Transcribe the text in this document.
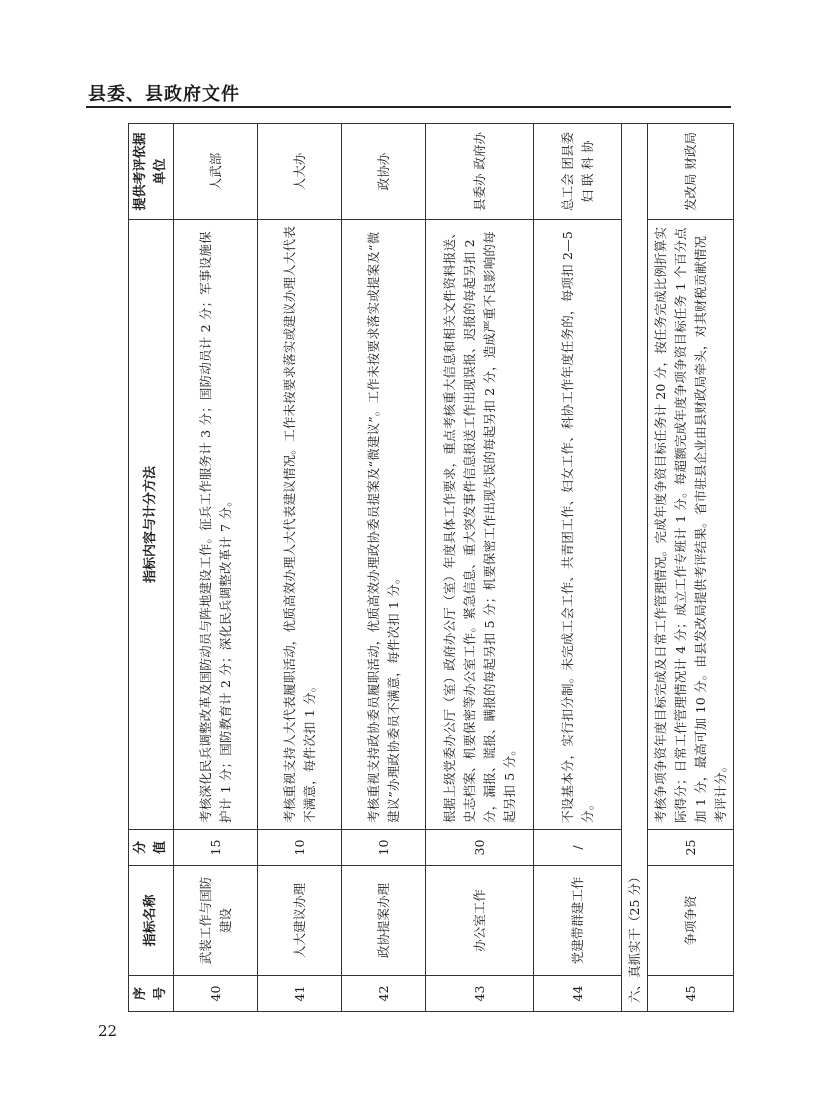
县委、县政府文件
序号	指标名称	分值	指标内容与计分方法	提供考评依据单位
40	武装工作与国防建设	15	考核深化民兵调整改革及国防动员与阵地建设工作。征兵工作服务计 3 分；国防动员计 2 分；军事设施保护计 1 分；国防教育计 2 分；深化民兵调整改革计 7 分。	人武部
41	人大建议办理	10	考核重视支持人大代表履职活动，优质高效办理人大代表建议情况。工作未按要求落实或建议办理人大代表不满意，每件次扣 1 分。	人大办
42	政协提案办理	10	考核重视支持政协委员履职活动，优质高效办理政协委员提案及“微建议”。工作未按要求落实或提案及“微建议”办理政协委员不满意，每件次扣 1 分。	政协办
43	办公室工作	30	根据上级党委办公厅（室）政府办公厅（室）年度具体工作要求，重点考核重大信息和相关文件资料报送、史志档案、机要保密等办公室工作。紧急信息、重大突发事件信息报送工作出现误报、迟报的每起另扣 2 分，漏报、谎报、瞒报的每起另扣 5 分；机要保密工作出现失误的每起另扣 2 分，造成严重不良影响的每起另扣 5 分。	县委办 政府办
44	党建带群建工作	/	不设基本分，实行扣分制。未完成工会工作、共青团工作、妇女工作、科协工作年度任务的，每项扣 2—5 分。	总工会 团县委 妇 联 科 协
六、真抓实干（25 分）				
45	争项争资	25	考核争项争资年度目标完成及日常工作管理情况。完成年度争资目标任务计 20 分，按任务完成比例折算实际得分；日常工作管理情况计 4 分；成立工作专班计 1 分。每超额完成年度争项争资目标任务 1 个百分点加 1 分，最高可加 10 分。由县发改局提供考评结果。省市驻县企业由县财政局牵头，对其财税贡献情况考评计分。	发改局 财政局
22
